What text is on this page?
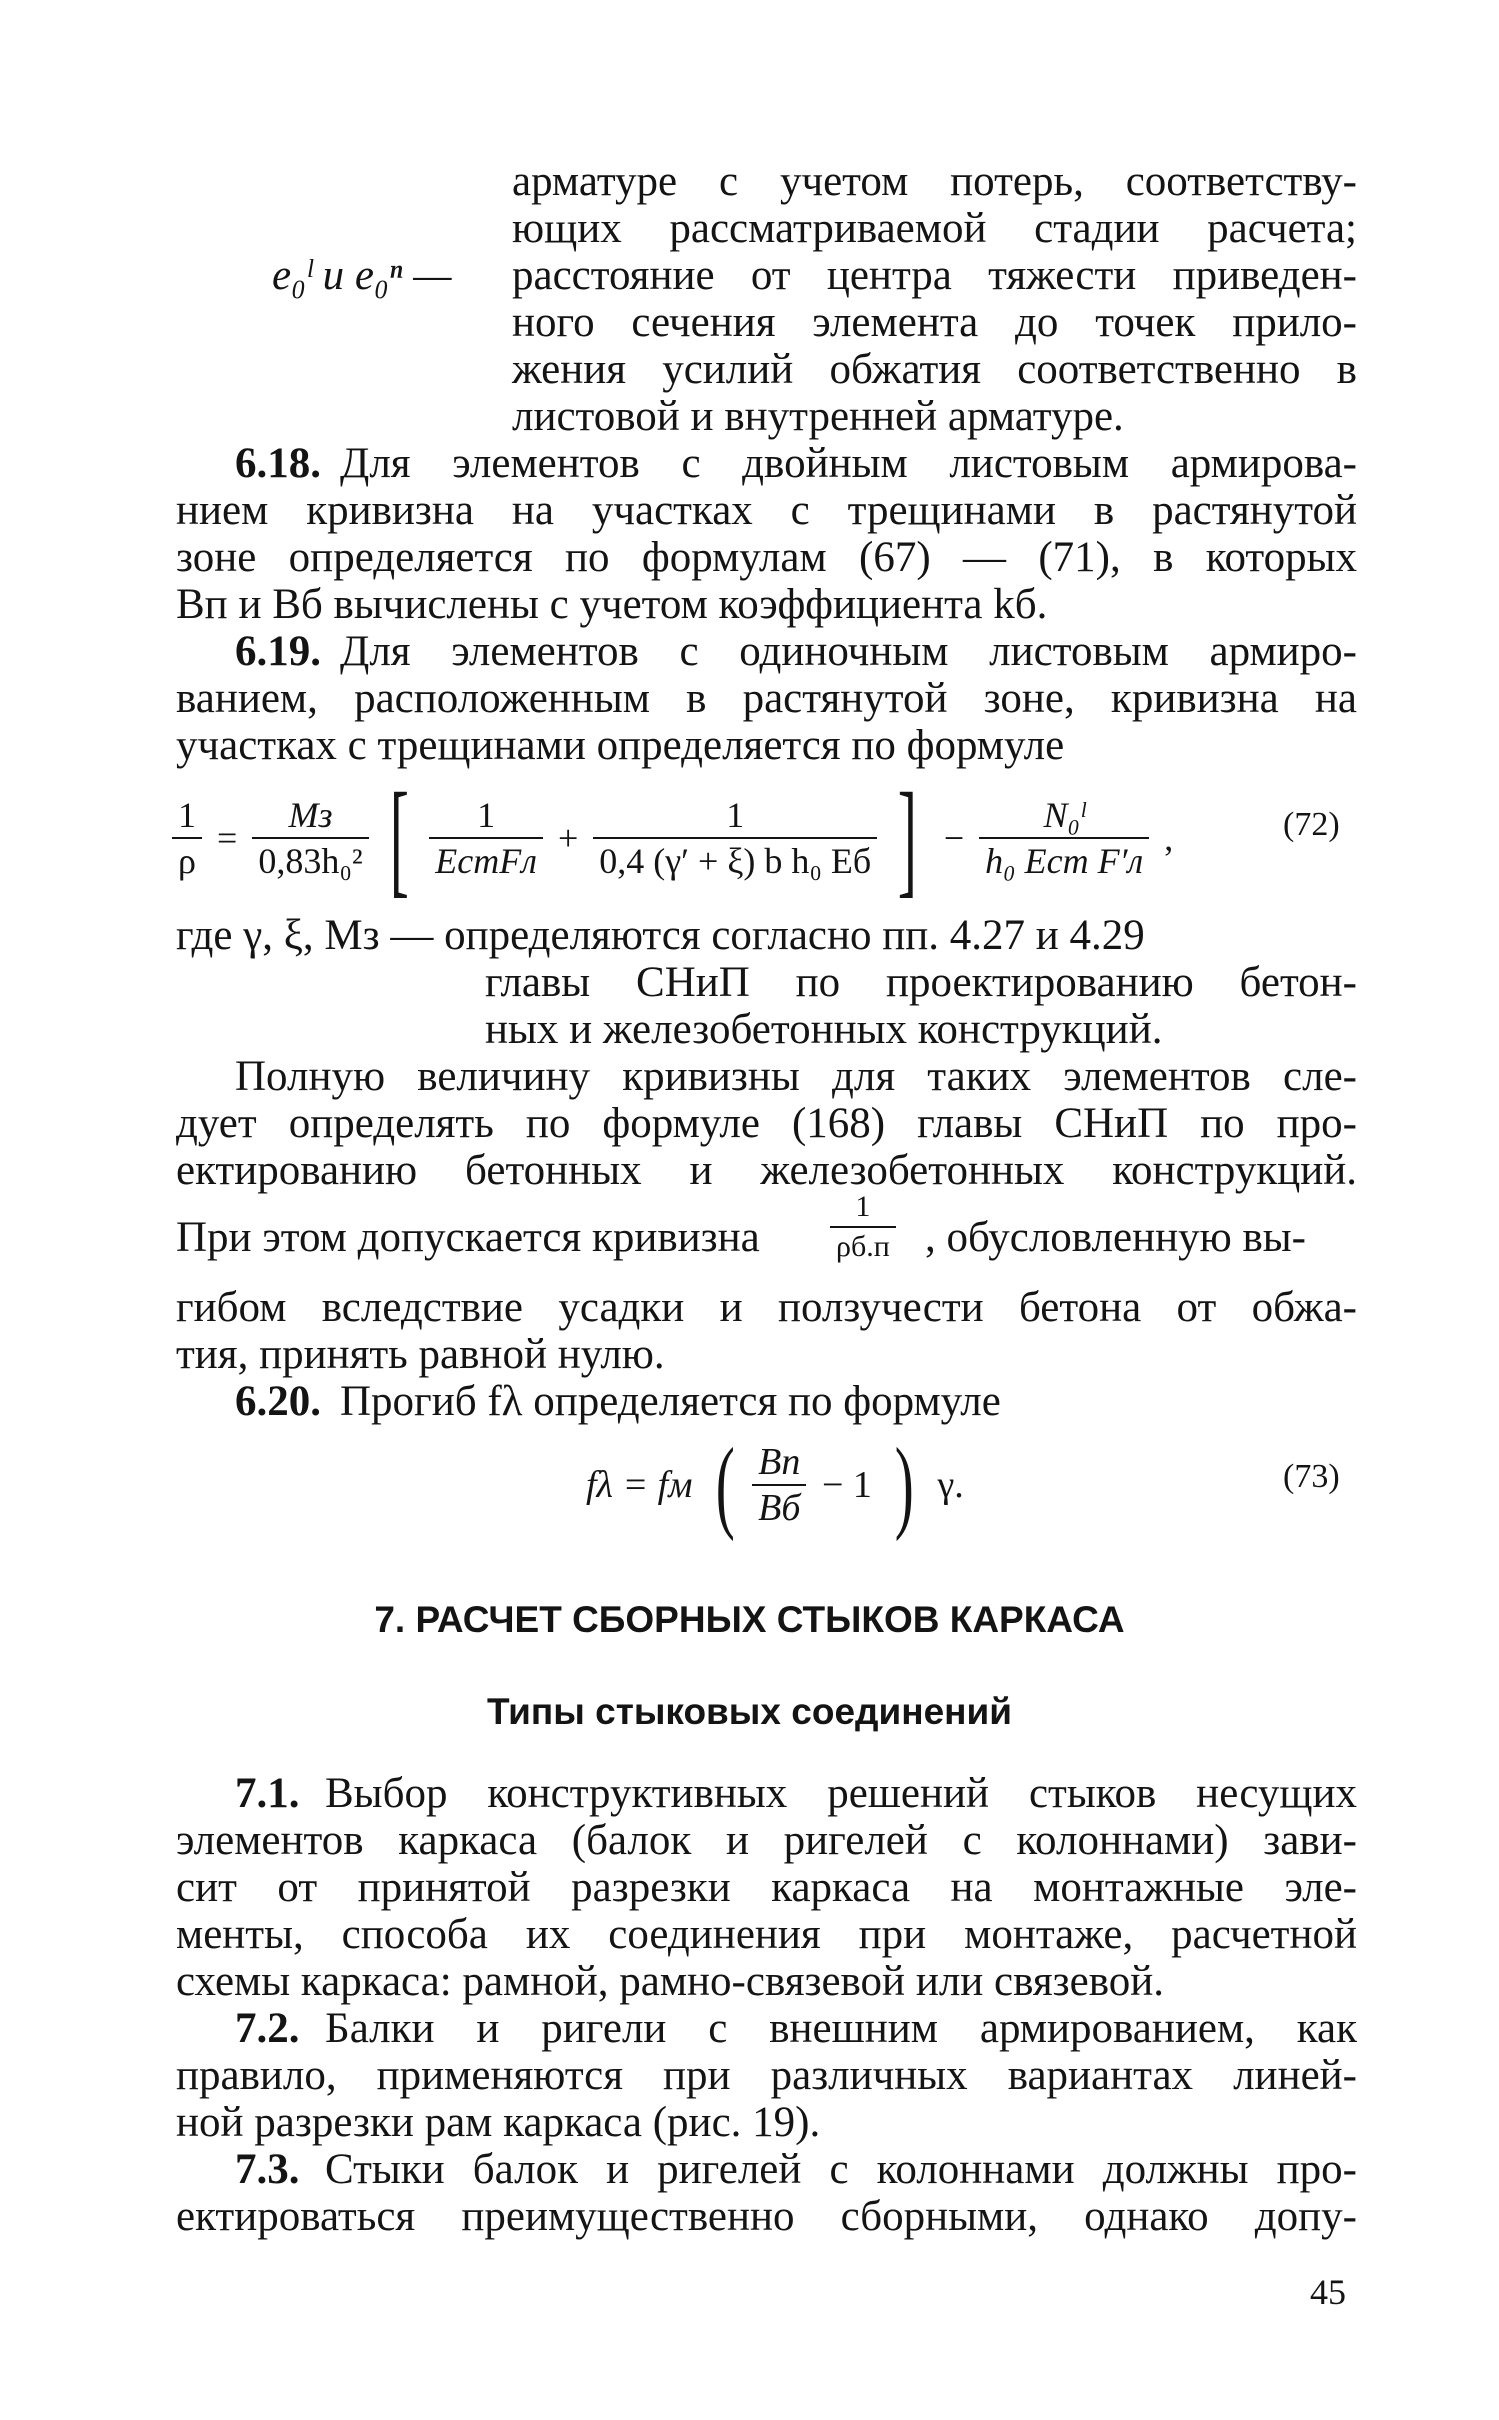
арматуре с учетом потерь, соответству-

ющих рассматриваемой стадии расчета;

e₀ˡ и e₀ⁿ — расстояние от центра тяжести приведен-

ного сечения элемента до точек прило-

жения усилий обжатия соответственно в

листовой и внутренней арматуре.

6.18. Для элементов с двойным листовым армирова-

нием кривизна на участках с трещинами в растянутой

зоне определяется по формулам (67) — (71), в которых

Bп и Bб вычислены с учетом коэффициента kб.

6.19. Для элементов с одиночным листовым армиро-

ванием, расположенным в растянутой зоне, кривизна на

участках с трещинами определяется по формуле

$\frac{1}{\rho} = \frac{Mз}{\text{0,83h₀²}}$ [ $\frac{1}{\text{EстFл}} + \frac{1}{\text{0,4 (γ′ + ξ) b h₀ Eб}}$ ] − $\frac{\text{N₀ˡ}}{\text{h₀ Eст F′л}}$ ,	(72)

где γ, ξ, Mз — определяются согласно пп. 4.27 и 4.29

главы СНиП по проектированию бетон-

ных и железобетонных конструкций.

Полную величину кривизны для таких элементов сле-

дует определять по формуле (168) главы СНиП по про-

ектированию бетонных и железобетонных конструкций.

При этом допускается кривизна

1
ρб.п , обусловленную вы-

гибом вследствие усадки и ползучести бетона от обжа-

тия, принять равной нулю.

6.20. Прогиб fλ определяется по формуле

fλ = fм ( $\frac{Bп}{Bб} - 1$ ) γ.	(73)

7. РАСЧЕТ СБОРНЫХ СТЫКОВ КАРКАСА
Типы стыковых соединений

7.1. Выбор конструктивных решений стыков несущих

элементов каркаса (балок и ригелей с колоннами) зави-

сит от принятой разрезки каркаса на монтажные эле-

менты, способа их соединения при монтаже, расчетной

схемы каркаса: рамной, рамно-связевой или связевой.

7.2. Балки и ригели с внешним армированием, как

правило, применяются при различных вариантах линей-

ной разрезки рам каркаса (рис. 19).

7.3. Стыки балок и ригелей с колоннами должны про-

ектироваться преимущественно сборными, однако допу-

45
